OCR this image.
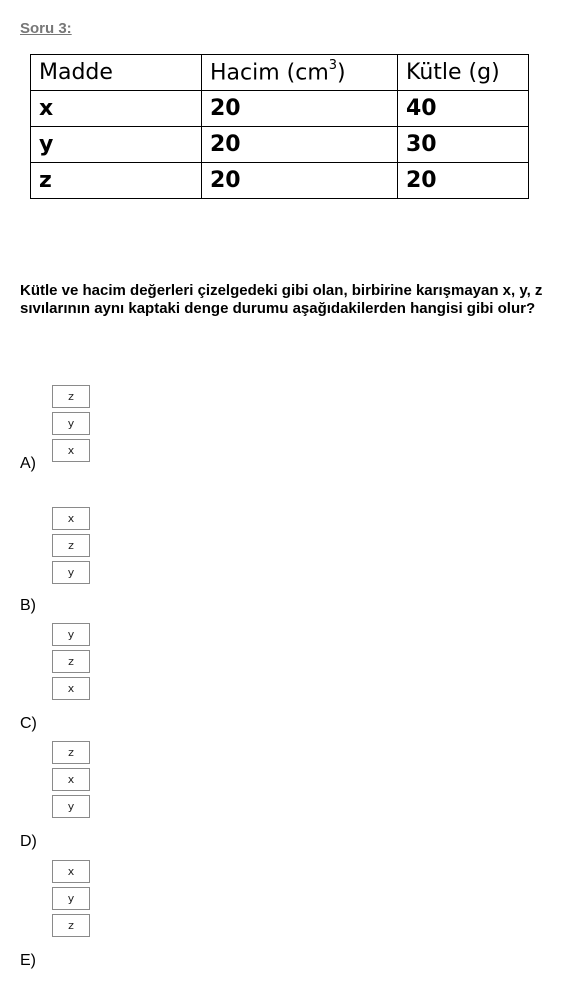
Soru 3:

Madde	Hacim $(cm^3)$	Kütle (g)
x	20	40
y	20	30
z	20	20

Kütle ve hacim değerleri çizelgedeki gibi olan, birbirine karışmayan x, y, z sıvılarının aynı kaptaki denge durumu aşağıdakilerden hangisi gibi olur?

z
y
x
A)
x
z
y
B)
y
z
x
C)
z
x
y
D)
x
y
z
E)
